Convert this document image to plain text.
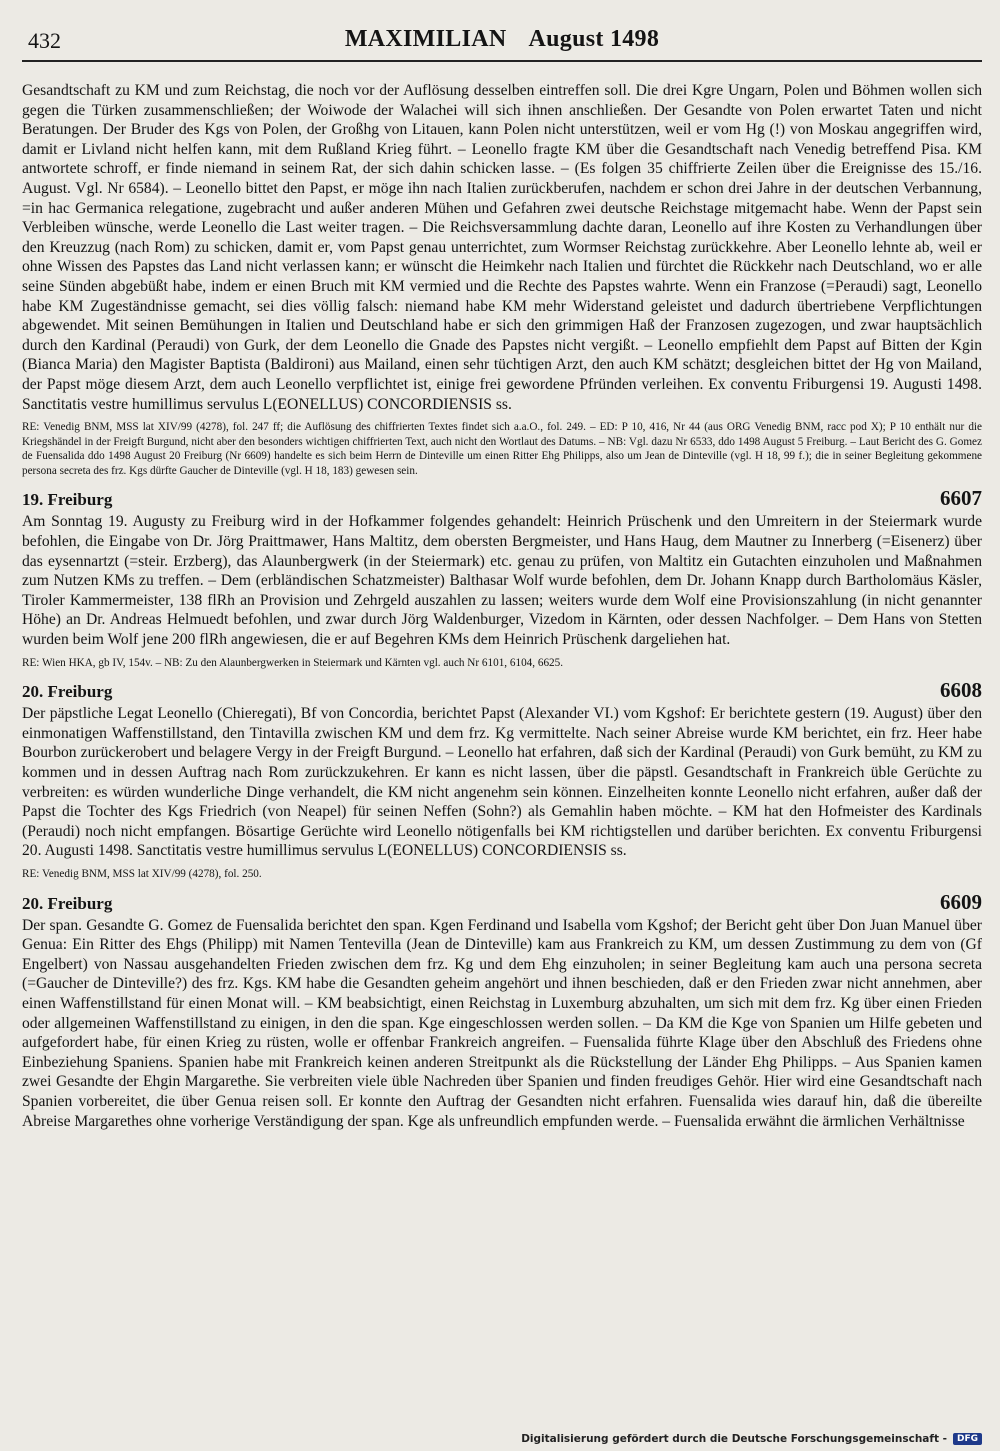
432	MAXIMILIAN August 1498

Gesandtschaft zu KM und zum Reichstag, die noch vor der Auflösung desselben eintreffen soll. Die drei Kgre Ungarn, Polen und Böhmen wollen sich gegen die Türken zusammenschließen; der Woiwode der Walachei will sich ihnen anschließen. Der Gesandte von Polen erwartet Taten und nicht Beratungen. Der Bruder des Kgs von Polen, der Großhg von Litauen, kann Polen nicht unterstützen, weil er vom Hg (!) von Moskau angegriffen wird, damit er Livland nicht helfen kann, mit dem Rußland Krieg führt. – Leonello fragte KM über die Gesandtschaft nach Venedig betreffend Pisa. KM antwortete schroff, er finde niemand in seinem Rat, der sich dahin schicken lasse. – (Es folgen 35 chiffrierte Zeilen über die Ereignisse des 15./16. August. Vgl. Nr 6584). – Leonello bittet den Papst, er möge ihn nach Italien zurückberufen, nachdem er schon drei Jahre in der deutschen Verbannung, =in hac Germanica relegatione, zugebracht und außer anderen Mühen und Gefahren zwei deutsche Reichstage mitgemacht habe. Wenn der Papst sein Verbleiben wünsche, werde Leonello die Last weiter tragen. – Die Reichsversammlung dachte daran, Leonello auf ihre Kosten zu Verhandlungen über den Kreuzzug (nach Rom) zu schicken, damit er, vom Papst genau unterrichtet, zum Wormser Reichstag zurückkehre. Aber Leonello lehnte ab, weil er ohne Wissen des Papstes das Land nicht verlassen kann; er wünscht die Heimkehr nach Italien und fürchtet die Rückkehr nach Deutschland, wo er alle seine Sünden abgebüßt habe, indem er einen Bruch mit KM vermied und die Rechte des Papstes wahrte. Wenn ein Franzose (=Peraudi) sagt, Leonello habe KM Zugeständnisse gemacht, sei dies völlig falsch: niemand habe KM mehr Widerstand geleistet und dadurch übertriebene Verpflichtungen abgewendet. Mit seinen Bemühungen in Italien und Deutschland habe er sich den grimmigen Haß der Franzosen zugezogen, und zwar hauptsächlich durch den Kardinal (Peraudi) von Gurk, der dem Leonello die Gnade des Papstes nicht vergißt. – Leonello empfiehlt dem Papst auf Bitten der Kgin (Bianca Maria) den Magister Baptista (Baldironi) aus Mailand, einen sehr tüchtigen Arzt, den auch KM schätzt; desgleichen bittet der Hg von Mailand, der Papst möge diesem Arzt, dem auch Leonello verpflichtet ist, einige frei gewordene Pfründen verleihen. Ex conventu Friburgensi 19. Augusti 1498. Sanctitatis vestre humillimus servulus L(EONELLUS) CONCORDIENSIS ss.

RE: Venedig BNM, MSS lat XIV/99 (4278), fol. 247 ff; die Auflösung des chiffrierten Textes findet sich a.a.O., fol. 249. – ED: P 10, 416, Nr 44 (aus ORG Venedig BNM, racc pod X); P 10 enthält nur die Kriegshändel in der Freigft Burgund, nicht aber den besonders wichtigen chiffrierten Text, auch nicht den Wortlaut des Datums. – NB: Vgl. dazu Nr 6533, ddo 1498 August 5 Freiburg. – Laut Bericht des G. Gomez de Fuensalida ddo 1498 August 20 Freiburg (Nr 6609) handelte es sich beim Herrn de Dinteville um einen Ritter Ehg Philipps, also um Jean de Dinteville (vgl. H 18, 99 f.); die in seiner Begleitung gekommene persona secreta des frz. Kgs dürfte Gaucher de Dinteville (vgl. H 18, 183) gewesen sein.

19. Freiburg	6607

Am Sonntag 19. Augusty zu Freiburg wird in der Hofkammer folgendes gehandelt: Heinrich Prüschenk und den Umreitern in der Steiermark wurde befohlen, die Eingabe von Dr. Jörg Praittmawer, Hans Maltitz, dem obersten Bergmeister, und Hans Haug, dem Mautner zu Innerberg (=Eisenerz) über das eysennartzt (=steir. Erzberg), das Alaunbergwerk (in der Steiermark) etc. genau zu prüfen, von Maltitz ein Gutachten einzuholen und Maßnahmen zum Nutzen KMs zu treffen. – Dem (erbländischen Schatzmeister) Balthasar Wolf wurde befohlen, dem Dr. Johann Knapp durch Bartholomäus Käsler, Tiroler Kammermeister, 138 flRh an Provision und Zehrgeld auszahlen zu lassen; weiters wurde dem Wolf eine Provisionszahlung (in nicht genannter Höhe) an Dr. Andreas Helmuedt befohlen, und zwar durch Jörg Waldenburger, Vizedom in Kärnten, oder dessen Nachfolger. – Dem Hans von Stetten wurden beim Wolf jene 200 flRh angewiesen, die er auf Begehren KMs dem Heinrich Prüschenk dargeliehen hat.

RE: Wien HKA, gb IV, 154v. – NB: Zu den Alaunbergwerken in Steiermark und Kärnten vgl. auch Nr 6101, 6104, 6625.

20. Freiburg	6608

Der päpstliche Legat Leonello (Chieregati), Bf von Concordia, berichtet Papst (Alexander VI.) vom Kgshof: Er berichtete gestern (19. August) über den einmonatigen Waffenstillstand, den Tintavilla zwischen KM und dem frz. Kg vermittelte. Nach seiner Abreise wurde KM berichtet, ein frz. Heer habe Bourbon zurückerobert und belagere Vergy in der Freigft Burgund. – Leonello hat erfahren, daß sich der Kardinal (Peraudi) von Gurk bemüht, zu KM zu kommen und in dessen Auftrag nach Rom zurückzukehren. Er kann es nicht lassen, über die päpstl. Gesandtschaft in Frankreich üble Gerüchte zu verbreiten: es würden wunderliche Dinge verhandelt, die KM nicht angenehm sein können. Einzelheiten konnte Leonello nicht erfahren, außer daß der Papst die Tochter des Kgs Friedrich (von Neapel) für seinen Neffen (Sohn?) als Gemahlin haben möchte. – KM hat den Hofmeister des Kardinals (Peraudi) noch nicht empfangen. Bösartige Gerüchte wird Leonello nötigenfalls bei KM richtigstellen und darüber berichten. Ex conventu Friburgensi 20. Augusti 1498. Sanctitatis vestre humillimus servulus L(EONELLUS) CONCORDIENSIS ss.

RE: Venedig BNM, MSS lat XIV/99 (4278), fol. 250.

20. Freiburg	6609

Der span. Gesandte G. Gomez de Fuensalida berichtet den span. Kgen Ferdinand und Isabella vom Kgshof; der Bericht geht über Don Juan Manuel über Genua: Ein Ritter des Ehgs (Philipp) mit Namen Tentevilla (Jean de Dinteville) kam aus Frankreich zu KM, um dessen Zustimmung zu dem von (Gf Engelbert) von Nassau ausgehandelten Frieden zwischen dem frz. Kg und dem Ehg einzuholen; in seiner Begleitung kam auch una persona secreta (=Gaucher de Dinteville?) des frz. Kgs. KM habe die Gesandten geheim angehört und ihnen beschieden, daß er den Frieden zwar nicht annehmen, aber einen Waffenstillstand für einen Monat will. – KM beabsichtigt, einen Reichstag in Luxemburg abzuhalten, um sich mit dem frz. Kg über einen Frieden oder allgemeinen Waffenstillstand zu einigen, in den die span. Kge eingeschlossen werden sollen. – Da KM die Kge von Spanien um Hilfe gebeten und aufgefordert habe, für einen Krieg zu rüsten, wolle er offenbar Frankreich angreifen. – Fuensalida führte Klage über den Abschluß des Friedens ohne Einbeziehung Spaniens. Spanien habe mit Frankreich keinen anderen Streitpunkt als die Rückstellung der Länder Ehg Philipps. – Aus Spanien kamen zwei Gesandte der Ehgin Margarethe. Sie verbreiten viele üble Nachreden über Spanien und finden freudiges Gehör. Hier wird eine Gesandtschaft nach Spanien vorbereitet, die über Genua reisen soll. Er konnte den Auftrag der Gesandten nicht erfahren. Fuensalida wies darauf hin, daß die übereilte Abreise Margarethes ohne vorherige Verständigung der span. Kge als unfreundlich empfunden werde. – Fuensalida erwähnt die ärmlichen Verhältnisse

Digitalisierung gefördert durch die Deutsche Forschungsgemeinschaft -	DFG
